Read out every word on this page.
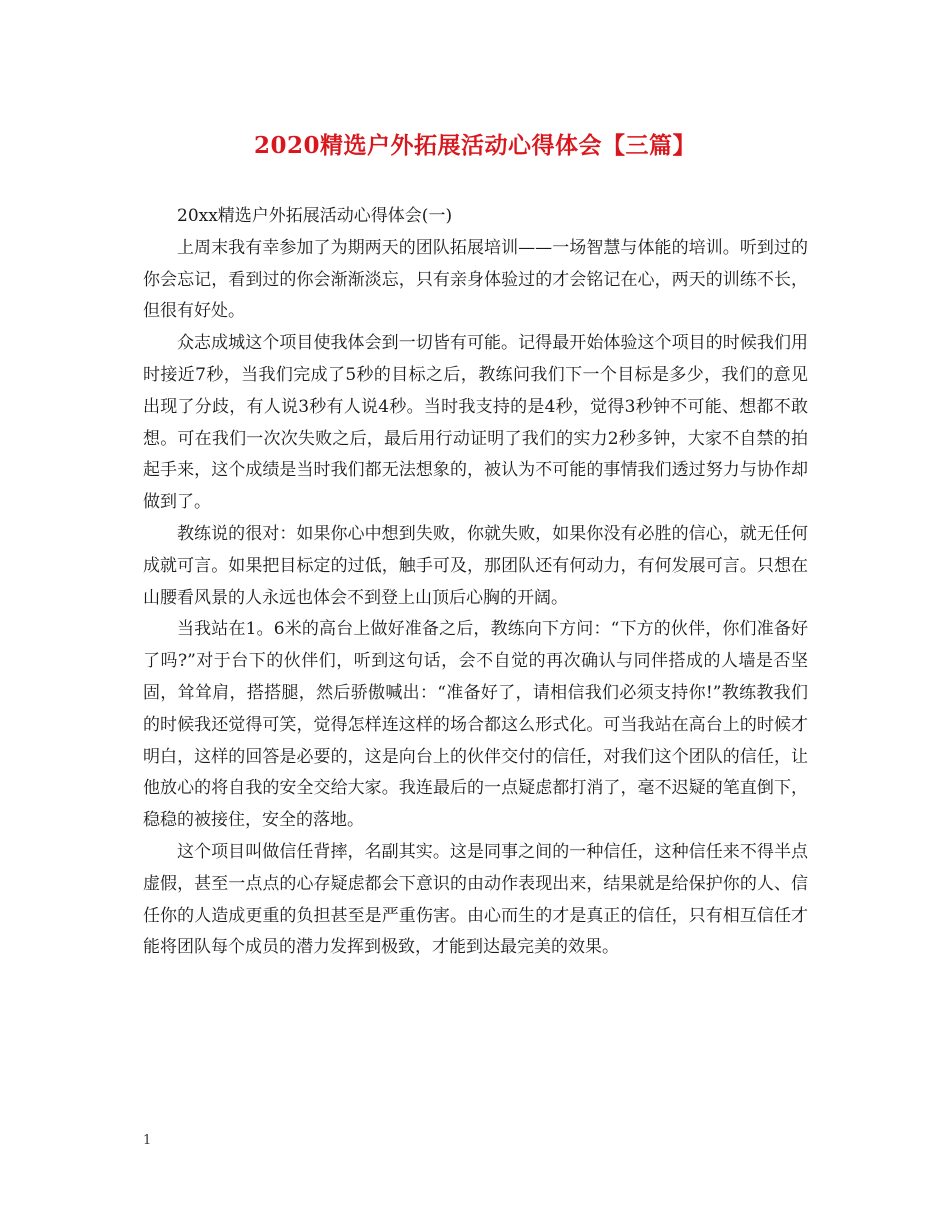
2020精选户外拓展活动心得体会【三篇】

20xx精选户外拓展活动心得体会(一)

上周末我有幸参加了为期两天的团队拓展培训——一场智慧与体能的培训。听到过的你会忘记，看到过的你会渐渐淡忘，只有亲身体验过的才会铭记在心，两天的训练不长，但很有好处。

众志成城这个项目使我体会到一切皆有可能。记得最开始体验这个项目的时候我们用时接近7秒，当我们完成了5秒的目标之后，教练问我们下一个目标是多少，我们的意见出现了分歧，有人说3秒有人说4秒。当时我支持的是4秒，觉得3秒钟不可能、想都不敢想。可在我们一次次失败之后，最后用行动证明了我们的实力2秒多钟，大家不自禁的拍起手来，这个成绩是当时我们都无法想象的，被认为不可能的事情我们透过努力与协作却做到了。

教练说的很对：如果你心中想到失败，你就失败，如果你没有必胜的信心，就无任何成就可言。如果把目标定的过低，触手可及，那团队还有何动力，有何发展可言。只想在山腰看风景的人永远也体会不到登上山顶后心胸的开阔。

当我站在1。6米的高台上做好准备之后，教练向下方问：“下方的伙伴，你们准备好了吗?”对于台下的伙伴们，听到这句话，会不自觉的再次确认与同伴搭成的人墙是否坚固，耸耸肩，搭搭腿，然后骄傲喊出：“准备好了，请相信我们必须支持你!”教练教我们的时候我还觉得可笑，觉得怎样连这样的场合都这么形式化。可当我站在高台上的时候才明白，这样的回答是必要的，这是向台上的伙伴交付的信任，对我们这个团队的信任，让他放心的将自我的安全交给大家。我连最后的一点疑虑都打消了，毫不迟疑的笔直倒下，稳稳的被接住，安全的落地。

这个项目叫做信任背摔，名副其实。这是同事之间的一种信任，这种信任来不得半点虚假，甚至一点点的心存疑虑都会下意识的由动作表现出来，结果就是给保护你的人、信任你的人造成更重的负担甚至是严重伤害。由心而生的才是真正的信任，只有相互信任才能将团队每个成员的潜力发挥到极致，才能到达最完美的效果。

1
